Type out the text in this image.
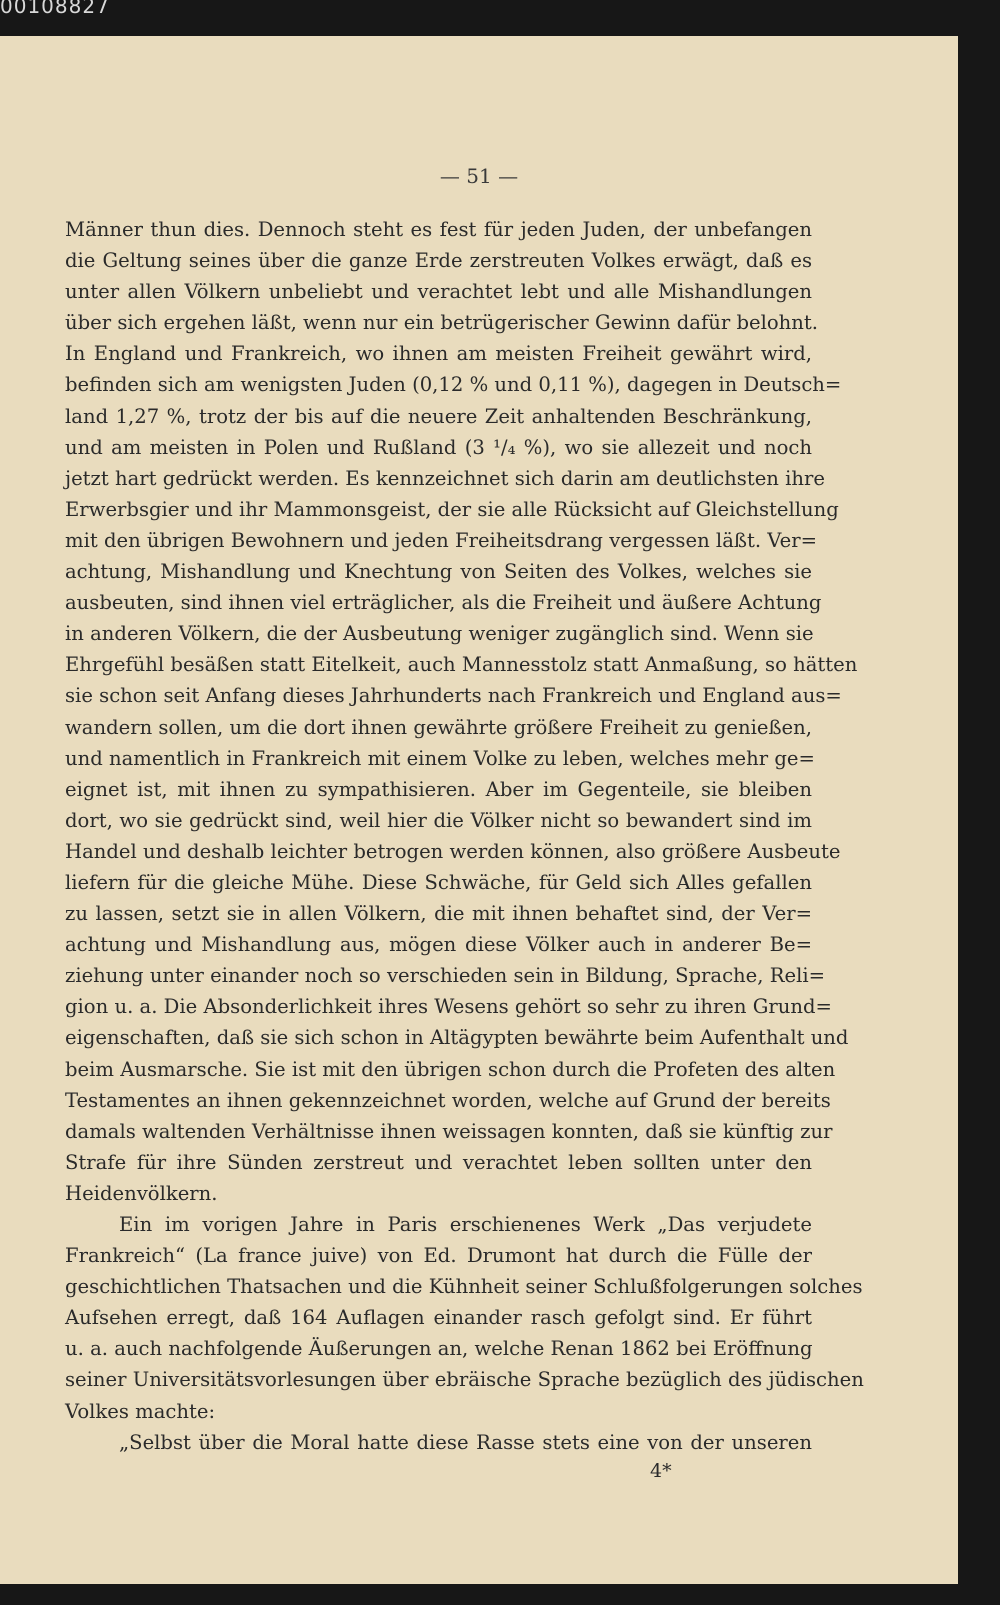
00108827
— 51 —
Männer thun dies. Dennoch steht es fest für jeden Juden, der unbefangen
die Geltung seines über die ganze Erde zerstreuten Volkes erwägt, daß es
unter allen Völkern unbeliebt und verachtet lebt und alle Mishandlungen
über sich ergehen läßt, wenn nur ein betrügerischer Gewinn dafür belohnt.
In England und Frankreich, wo ihnen am meisten Freiheit gewährt wird,
befinden sich am wenigsten Juden (0,12 % und 0,11 %), dagegen in Deutsch=
land 1,27 %, trotz der bis auf die neuere Zeit anhaltenden Beschränkung,
und am meisten in Polen und Rußland (3 ¹/₄ %), wo sie allezeit und noch
jetzt hart gedrückt werden. Es kennzeichnet sich darin am deutlichsten ihre
Erwerbsgier und ihr Mammonsgeist, der sie alle Rücksicht auf Gleichstellung
mit den übrigen Bewohnern und jeden Freiheitsdrang vergessen läßt. Ver=
achtung, Mishandlung und Knechtung von Seiten des Volkes, welches sie
ausbeuten, sind ihnen viel erträglicher, als die Freiheit und äußere Achtung
in anderen Völkern, die der Ausbeutung weniger zugänglich sind. Wenn sie
Ehrgefühl besäßen statt Eitelkeit, auch Mannesstolz statt Anmaßung, so hätten
sie schon seit Anfang dieses Jahrhunderts nach Frankreich und England aus=
wandern sollen, um die dort ihnen gewährte größere Freiheit zu genießen,
und namentlich in Frankreich mit einem Volke zu leben, welches mehr ge=
eignet ist, mit ihnen zu sympathisieren. Aber im Gegenteile, sie bleiben
dort, wo sie gedrückt sind, weil hier die Völker nicht so bewandert sind im
Handel und deshalb leichter betrogen werden können, also größere Ausbeute
liefern für die gleiche Mühe. Diese Schwäche, für Geld sich Alles gefallen
zu lassen, setzt sie in allen Völkern, die mit ihnen behaftet sind, der Ver=
achtung und Mishandlung aus, mögen diese Völker auch in anderer Be=
ziehung unter einander noch so verschieden sein in Bildung, Sprache, Reli=
gion u. a. Die Absonderlichkeit ihres Wesens gehört so sehr zu ihren Grund=
eigenschaften, daß sie sich schon in Altägypten bewährte beim Aufenthalt und
beim Ausmarsche. Sie ist mit den übrigen schon durch die Profeten des alten
Testamentes an ihnen gekennzeichnet worden, welche auf Grund der bereits
damals waltenden Verhältnisse ihnen weissagen konnten, daß sie künftig zur
Strafe für ihre Sünden zerstreut und verachtet leben sollten unter den
Heidenvölkern.
Ein im vorigen Jahre in Paris erschienenes Werk „Das verjudete
Frankreich“ (La france juive) von Ed. Drumont hat durch die Fülle der
geschichtlichen Thatsachen und die Kühnheit seiner Schlußfolgerungen solches
Aufsehen erregt, daß 164 Auflagen einander rasch gefolgt sind. Er führt
u. a. auch nachfolgende Äußerungen an, welche Renan 1862 bei Eröffnung
seiner Universitätsvorlesungen über ebräische Sprache bezüglich des jüdischen
Volkes machte:
„Selbst über die Moral hatte diese Rasse stets eine von der unseren
4*
